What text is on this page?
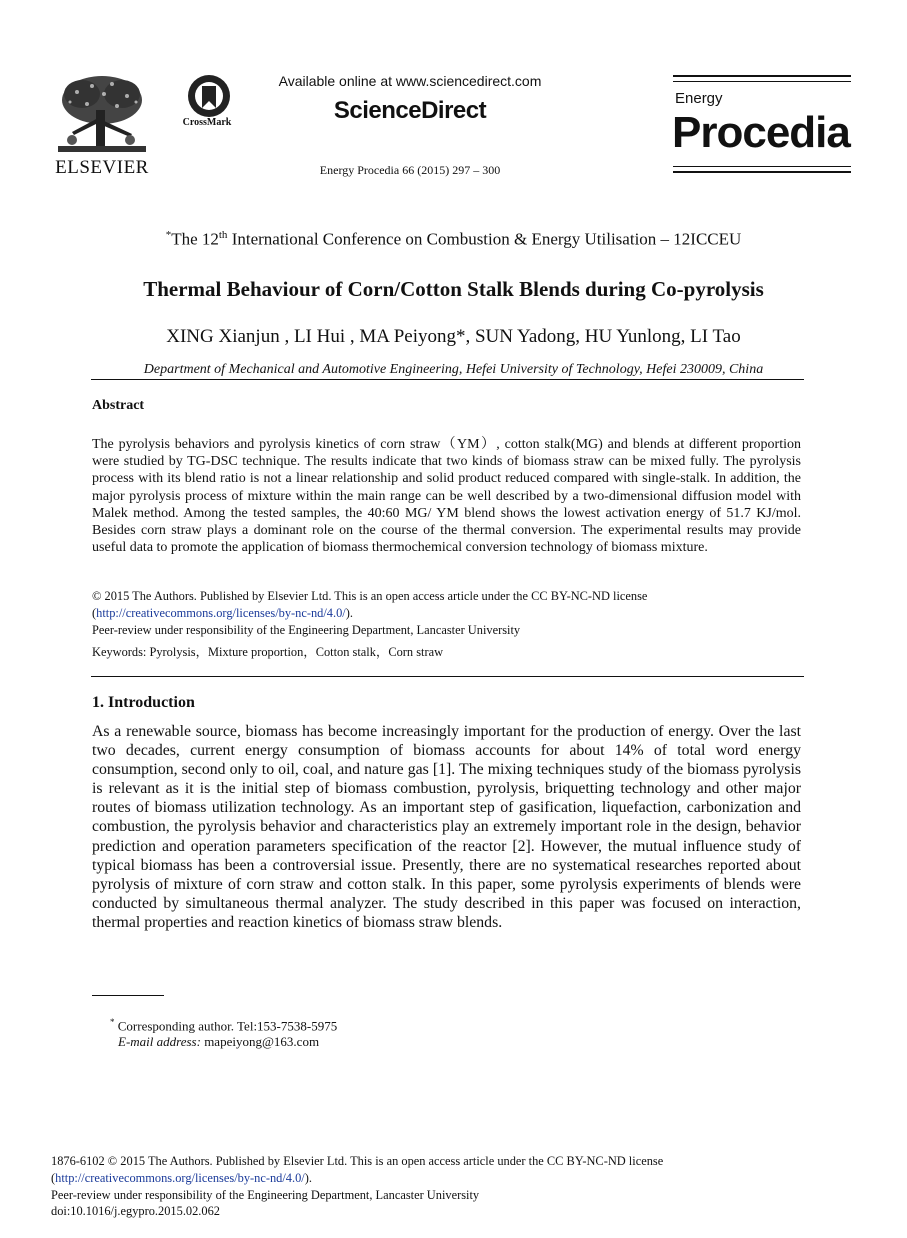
ELSEVIER
CrossMark
Available online at www.sciencedirect.com
ScienceDirect
Energy Procedia 66 (2015) 297 – 300
Energy
Procedia
*The 12th International Conference on Combustion & Energy Utilisation – 12ICCEU
Thermal Behaviour of Corn/Cotton Stalk Blends during Co-pyrolysis
XING Xianjun , LI Hui , MA Peiyong*, SUN Yadong, HU Yunlong, LI Tao
Department of Mechanical and Automotive Engineering, Hefei University of Technology, Hefei 230009, China
Abstract
The pyrolysis behaviors and pyrolysis kinetics of corn straw（YM）, cotton stalk(MG) and blends at different proportion were studied by TG-DSC technique. The results indicate that two kinds of biomass straw can be mixed fully. The pyrolysis process with its blend ratio is not a linear relationship and solid product reduced compared with single-stalk. In addition, the major pyrolysis process of mixture within the main range can be well described by a two-dimensional diffusion model with Malek method. Among the tested samples, the 40:60 MG/ YM blend shows the lowest activation energy of 51.7 KJ/mol. Besides corn straw plays a dominant role on the course of the thermal conversion. The experimental results may provide useful data to promote the application of biomass thermochemical conversion technology of biomass mixture.
© 2015 The Authors. Published by Elsevier Ltd. This is an open access article under the CC BY-NC-ND license
(http://creativecommons.org/licenses/by-nc-nd/4.0/).
Peer-review under responsibility of the Engineering Department, Lancaster University
Keywords: Pyrolysis，Mixture proportion，Cotton stalk，Corn straw
1. Introduction
As a renewable source, biomass has become increasingly important for the production of energy. Over the last two decades, current energy consumption of biomass accounts for about 14% of total word energy consumption, second only to oil, coal, and nature gas [1]. The mixing techniques study of the biomass pyrolysis is relevant as it is the initial step of biomass combustion, pyrolysis, briquetting technology and other major routes of biomass utilization technology. As an important step of gasification, liquefaction, carbonization and combustion, the pyrolysis behavior and characteristics play an extremely important role in the design, behavior prediction and operation parameters specification of the reactor [2]. However, the mutual influence study of typical biomass has been a controversial issue. Presently, there are no systematical researches reported about pyrolysis of mixture of corn straw and cotton stalk. In this paper, some pyrolysis experiments of blends were conducted by simultaneous thermal analyzer. The study described in this paper was focused on interaction, thermal properties and reaction kinetics of biomass straw blends.
* Corresponding author. Tel:153-7538-5975
E-mail address: mapeiyong@163.com
1876-6102 © 2015 The Authors. Published by Elsevier Ltd. This is an open access article under the CC BY-NC-ND license
(http://creativecommons.org/licenses/by-nc-nd/4.0/).
Peer-review under responsibility of the Engineering Department, Lancaster University
doi:10.1016/j.egypro.2015.02.062
